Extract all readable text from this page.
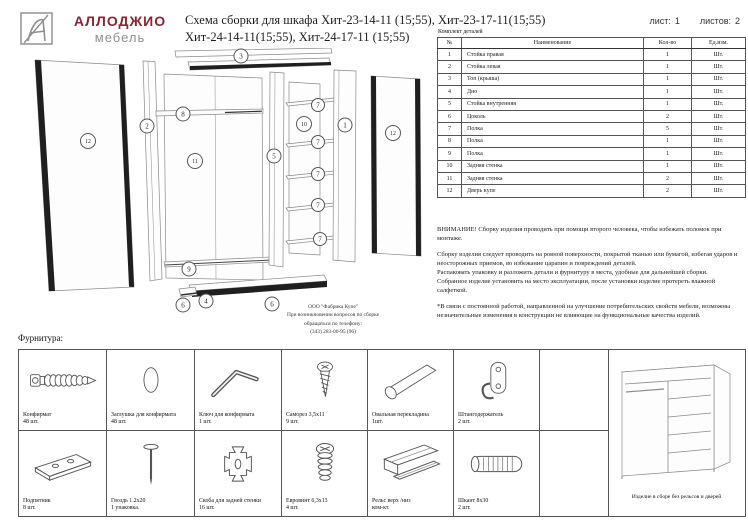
АЛЛОДЖИО
мебель
Схема сборки для шкафа Хит-23-14-11 (15;55), Хит-23-17-11(15;55)
Хит-24-14-11(15;55), Хит-24-17-11 (15;55)
лист: 1 листов: 2
Комплект деталей
№	Наименование	Кол-во	Ед.изм.
1	Стойка правая	1	Шт.
2	Стойка левая	1	Шт.
3	Топ (крыша)	1	Шт.
4	Дно	1	Шт.
5	Стойка внутренняя	1	Шт.
6	Цоколь	2	Шт.
7	Полка	5	Шт.
8	Полка	1	Шт.
9	Полка	1	Шт.
10	Задняя стенка	1	Шт.
11	Задняя стенка	2	Шт.
12	Дверь купе	2	Шт.
ВНИМАНИЕ! Сборку изделия проводить при помощи второго человека, чтобы избежать поломок при монтаже.
Сборку изделия следует проводить на ровной поверхности, покрытой тканью или бумагой, избегая ударов и неосторожных приемов, во избежание царапин и повреждений деталей.
Распаковать упаковку и разложить детали и фурнитуру в места, удобные для дальнейшей сборки.
Собранное изделие установить на место эксплуатации, после установки изделие протереть влажной салфеткой.
*В связи с постоянной работой, направленной на улучшение потребительских свойств мебели, возможны незначительные изменения в конструкции не влияющие на функциональные качества изделий.
ООО "Фабрика Купе"
При возникновении вопросов по сборке
обращаться по телефону:
(343) 283-00-95 (96)
3
12
2
8
11
5
10
7
7
7
7
7
1
12
9
6	4	6
Фурнитура:
Конфирмат
48 шт.
Заглушка для конфирмата
48 шт.
Ключ для конфирмата
1 шт.
Саморез 3,5х11
9 шт.
Овальная перекладина
1шт.
Штангодержатель
2 шт.
Подпятник
8 шт.
Гвоздь 1.2х20
1 упаковка.
Скоба для задней стенки
16 шт.
Евровинт 6,3х13
4 шт.
Рельс верх /низ
ком-кт.
Шкант 8х30
2 шт.
Изделие в сборе без рельсов и дверей
